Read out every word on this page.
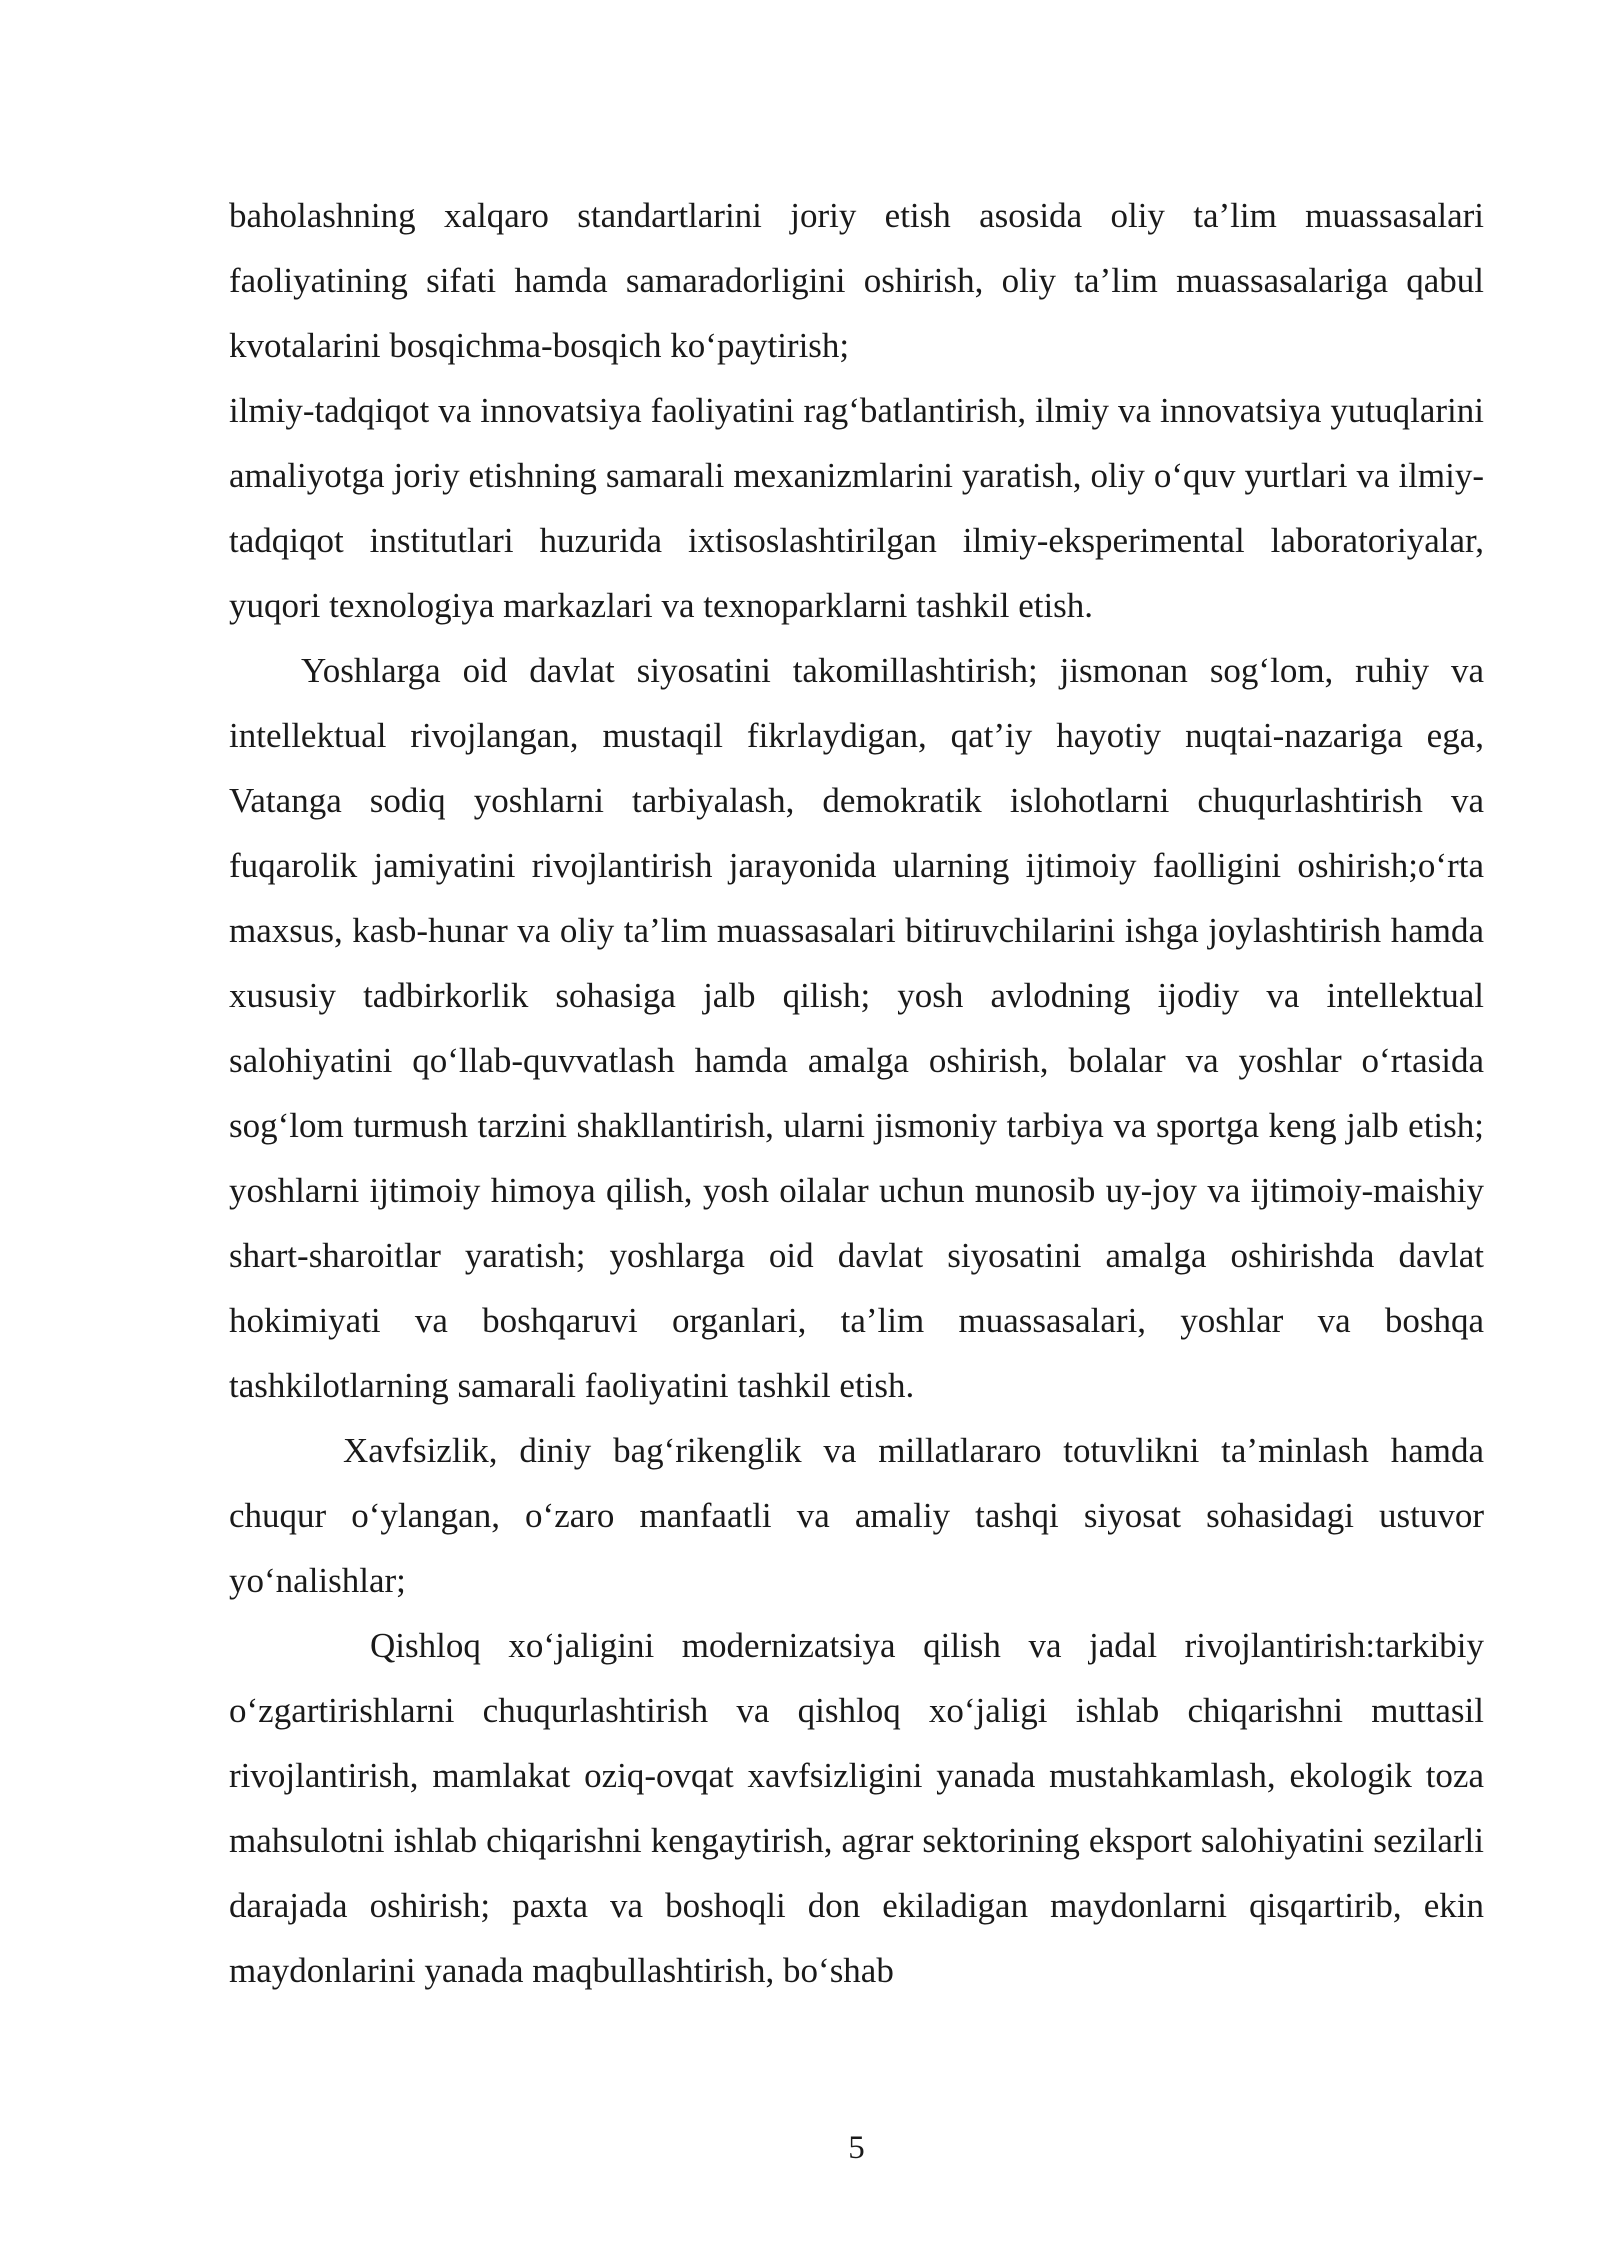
baholashning xalqaro standartlarini joriy etish asosida oliy ta’lim muassasalari faoliyatining sifati hamda samaradorligini oshirish, oliy ta’lim muassasalariga qabul kvotalarini bosqichma-bosqich ko‘paytirish;

ilmiy-tadqiqot va innovatsiya faoliyatini rag‘batlantirish, ilmiy va innovatsiya yutuqlarini amaliyotga joriy etishning samarali mexanizmlarini yaratish, oliy o‘quv yurtlari va ilmiy-tadqiqot institutlari huzurida ixtisoslashtirilgan ilmiy-eksperimental laboratoriyalar, yuqori texnologiya markazlari va texnoparklarni tashkil etish.

Yoshlarga oid davlat siyosatini takomillashtirish; jismonan sog‘lom, ruhiy va intellektual rivojlangan, mustaqil fikrlaydigan, qat’iy hayotiy nuqtai-nazariga ega, Vatanga sodiq yoshlarni tarbiyalash, demokratik islohotlarni chuqurlashtirish va fuqarolik jamiyatini rivojlantirish jarayonida ularning ijtimoiy faolligini oshirish;o‘rta maxsus, kasb-hunar va oliy ta’lim muassasalari bitiruvchilarini ishga joylashtirish hamda xususiy tadbirkorlik sohasiga jalb qilish; yosh avlodning ijodiy va intellektual salohiyatini qo‘llab-quvvatlash hamda amalga oshirish, bolalar va yoshlar o‘rtasida sog‘lom turmush tarzini shakllantirish, ularni jismoniy tarbiya va sportga keng jalb etish; yoshlarni ijtimoiy himoya qilish, yosh oilalar uchun munosib uy-joy va ijtimoiy-maishiy shart-sharoitlar yaratish; yoshlarga oid davlat siyosatini amalga oshirishda davlat hokimiyati va boshqaruvi organlari, ta’lim muassasalari, yoshlar va boshqa tashkilotlarning samarali faoliyatini tashkil etish.

Xavfsizlik, diniy bag‘rikenglik va millatlararo totuvlikni ta’minlash hamda chuqur o‘ylangan, o‘zaro manfaatli va amaliy tashqi siyosat sohasidagi ustuvor yo‘nalishlar;

Qishloq xo‘jaligini modernizatsiya qilish va jadal rivojlantirish:tarkibiy o‘zgartirishlarni chuqurlashtirish va qishloq xo‘jaligi ishlab chiqarishni muttasil rivojlantirish, mamlakat oziq-ovqat xavfsizligini yanada mustahkamlash, ekologik toza mahsulotni ishlab chiqarishni kengaytirish, agrar sektorining eksport salohiyatini sezilarli darajada oshirish; paxta va boshoqli don ekiladigan maydonlarni qisqartirib, ekin maydonlarini yanada maqbullashtirish, bo‘shab

5
